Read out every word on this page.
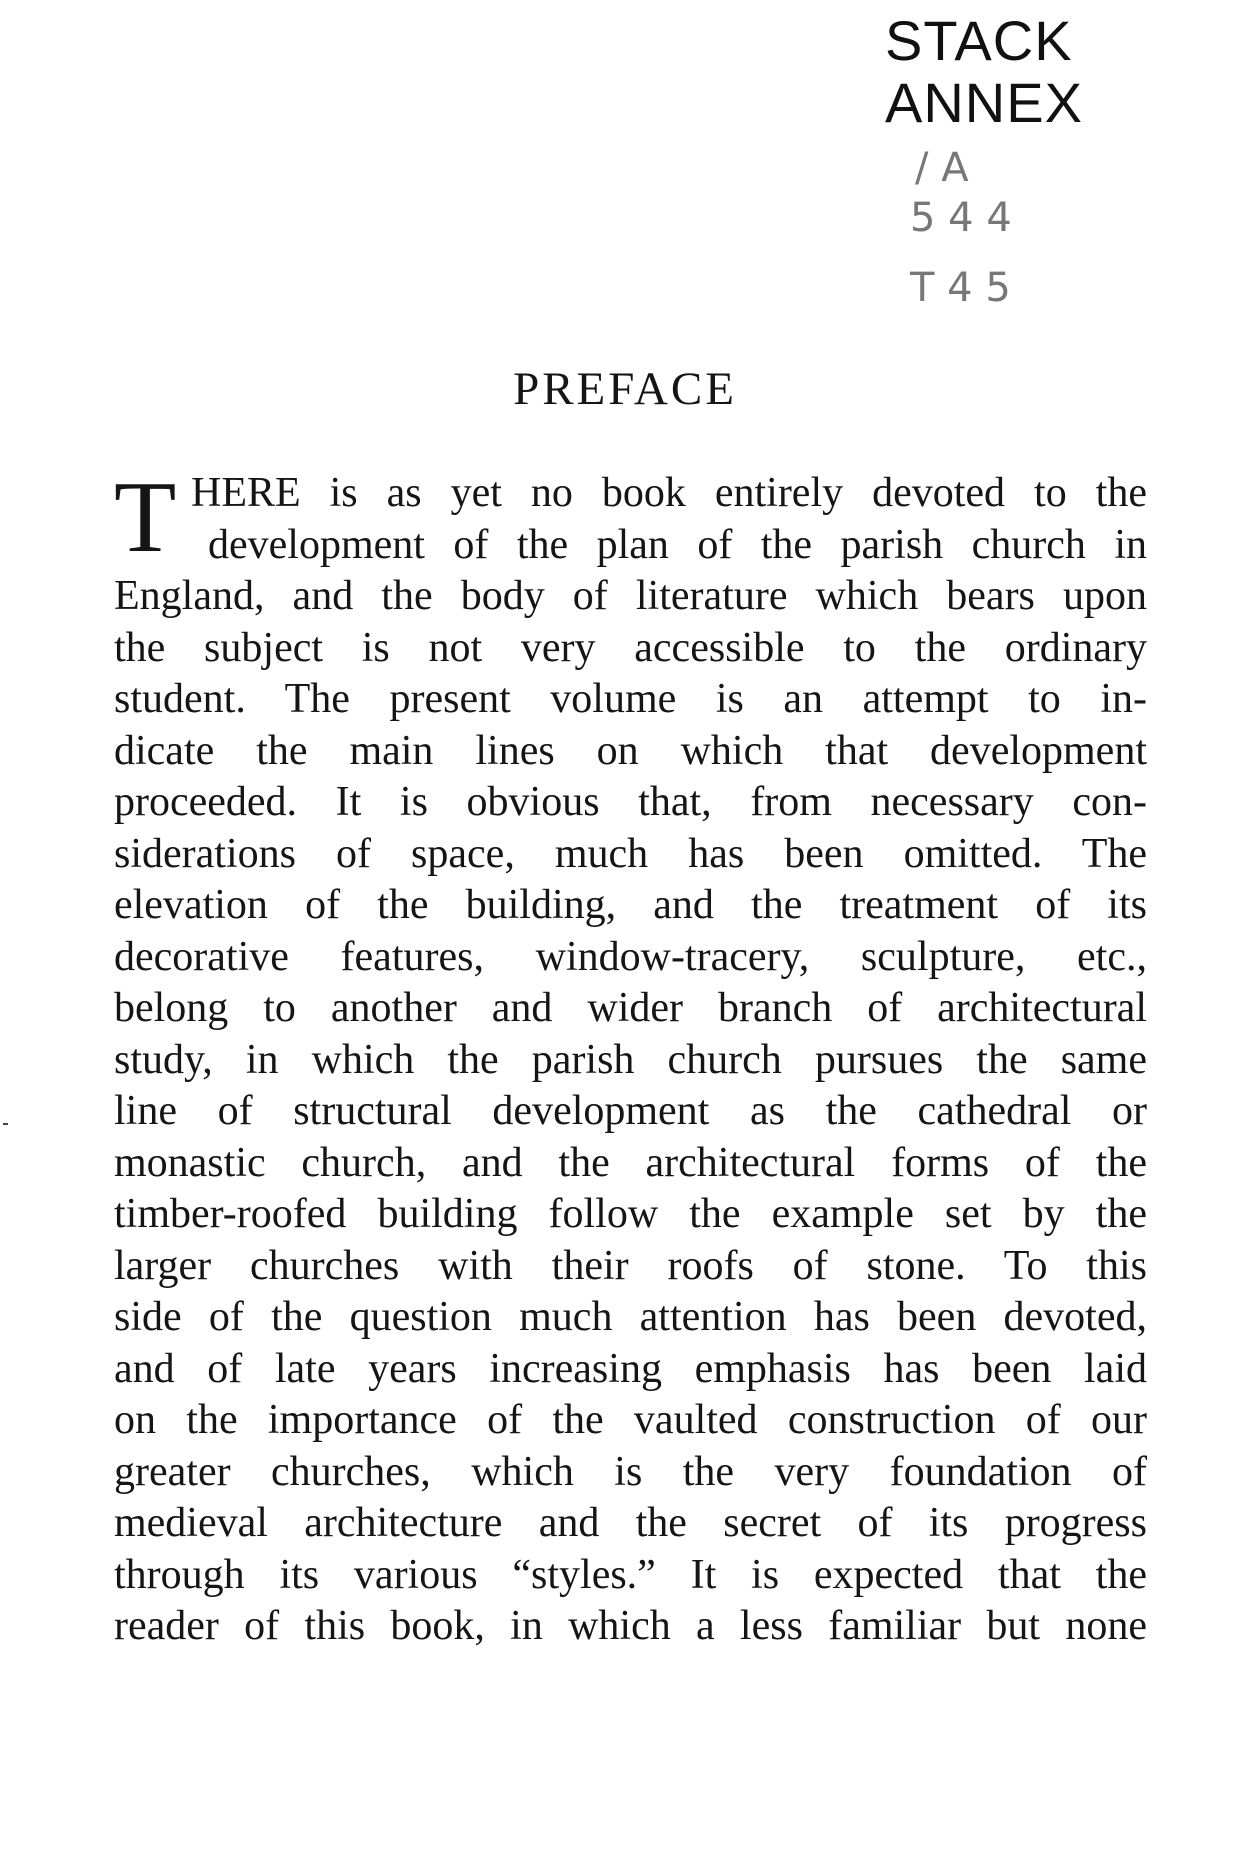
STACK
ANNEX
/ A
5 4 4
T 4 5
PREFACE
T HERE is as yet no book entirely devoted to the
development of the plan of the parish church in
England, and the body of literature which bears upon
the subject is not very accessible to the ordinary
student. The present volume is an attempt to in-
dicate the main lines on which that development
proceeded. It is obvious that, from necessary con-
siderations of space, much has been omitted. The
elevation of the building, and the treatment of its
decorative features, window-tracery, sculpture, etc.,
belong to another and wider branch of architectural
study, in which the parish church pursues the same
line of structural development as the cathedral or
monastic church, and the architectural forms of the
timber-roofed building follow the example set by the
larger churches with their roofs of stone. To this
side of the question much attention has been devoted,
and of late years increasing emphasis has been laid
on the importance of the vaulted construction of our
greater churches, which is the very foundation of
medieval architecture and the secret of its progress
through its various “styles.” It is expected that the
reader of this book, in which a less familiar but none
